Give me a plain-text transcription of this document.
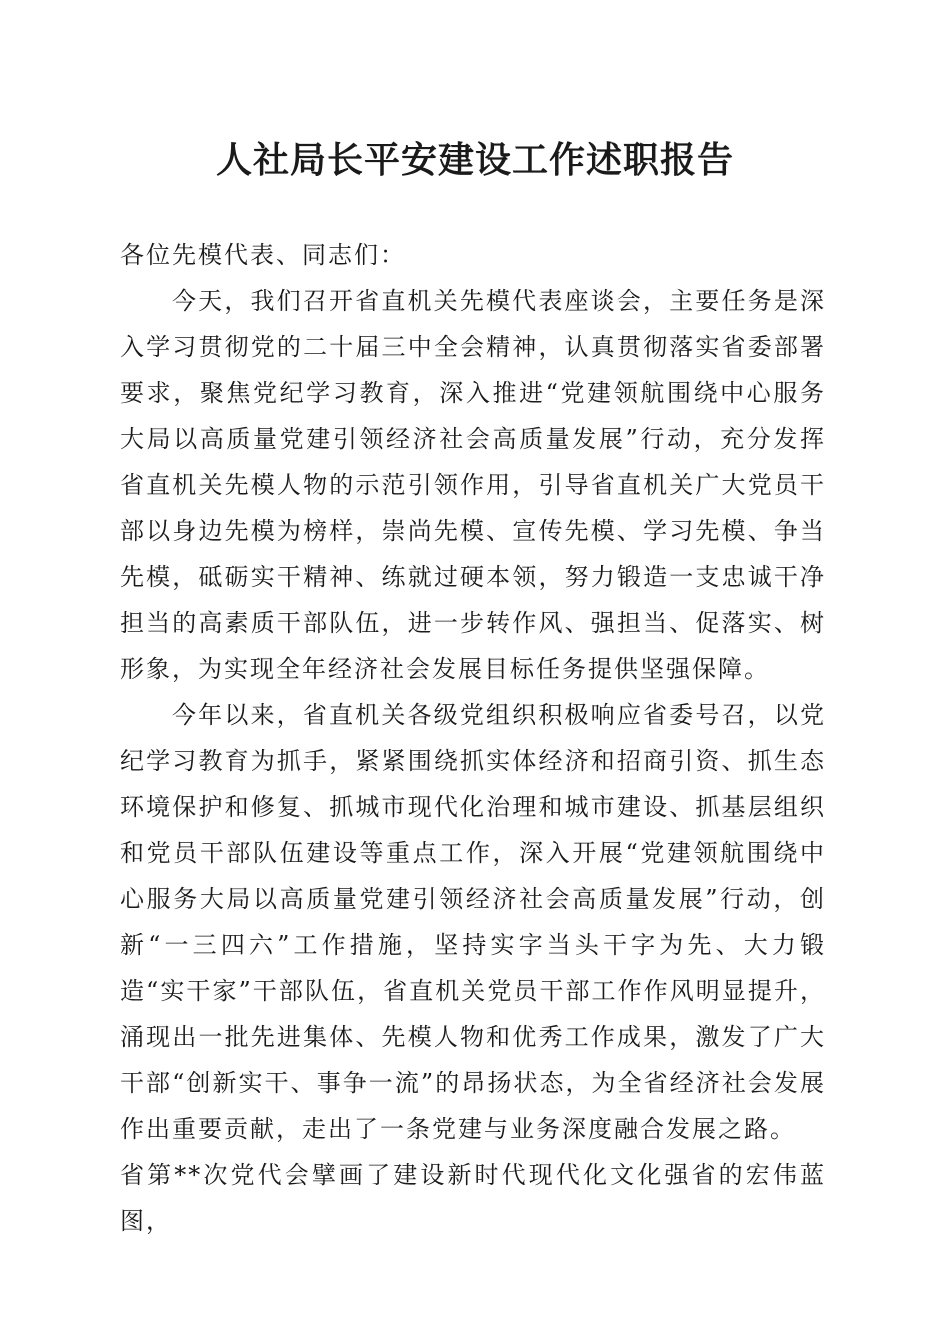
人社局长平安建设工作述职报告

各位先模代表、同志们：

今天，我们召开省直机关先模代表座谈会，主要任务是深入学习贯彻党的二十届三中全会精神，认真贯彻落实省委部署要求，聚焦党纪学习教育，深入推进“党建领航围绕中心服务大局以高质量党建引领经济社会高质量发展”行动，充分发挥省直机关先模人物的示范引领作用，引导省直机关广大党员干部以身边先模为榜样，崇尚先模、宣传先模、学习先模、争当先模，砥砺实干精神、练就过硬本领，努力锻造一支忠诚干净担当的高素质干部队伍，进一步转作风、强担当、促落实、树形象，为实现全年经济社会发展目标任务提供坚强保障。

今年以来，省直机关各级党组织积极响应省委号召，以党纪学习教育为抓手，紧紧围绕抓实体经济和招商引资、抓生态环境保护和修复、抓城市现代化治理和城市建设、抓基层组织和党员干部队伍建设等重点工作，深入开展“党建领航围绕中心服务大局以高质量党建引领经济社会高质量发展”行动，创新“一三四六”工作措施，坚持实字当头干字为先、大力锻造“实干家”干部队伍，省直机关党员干部工作作风明显提升，涌现出一批先进集体、先模人物和优秀工作成果，激发了广大干部“创新实干、事争一流”的昂扬状态，为全省经济社会发展作出重要贡献，走出了一条党建与业务深度融合发展之路。

省第**次党代会擘画了建设新时代现代化文化强省的宏伟蓝图，
